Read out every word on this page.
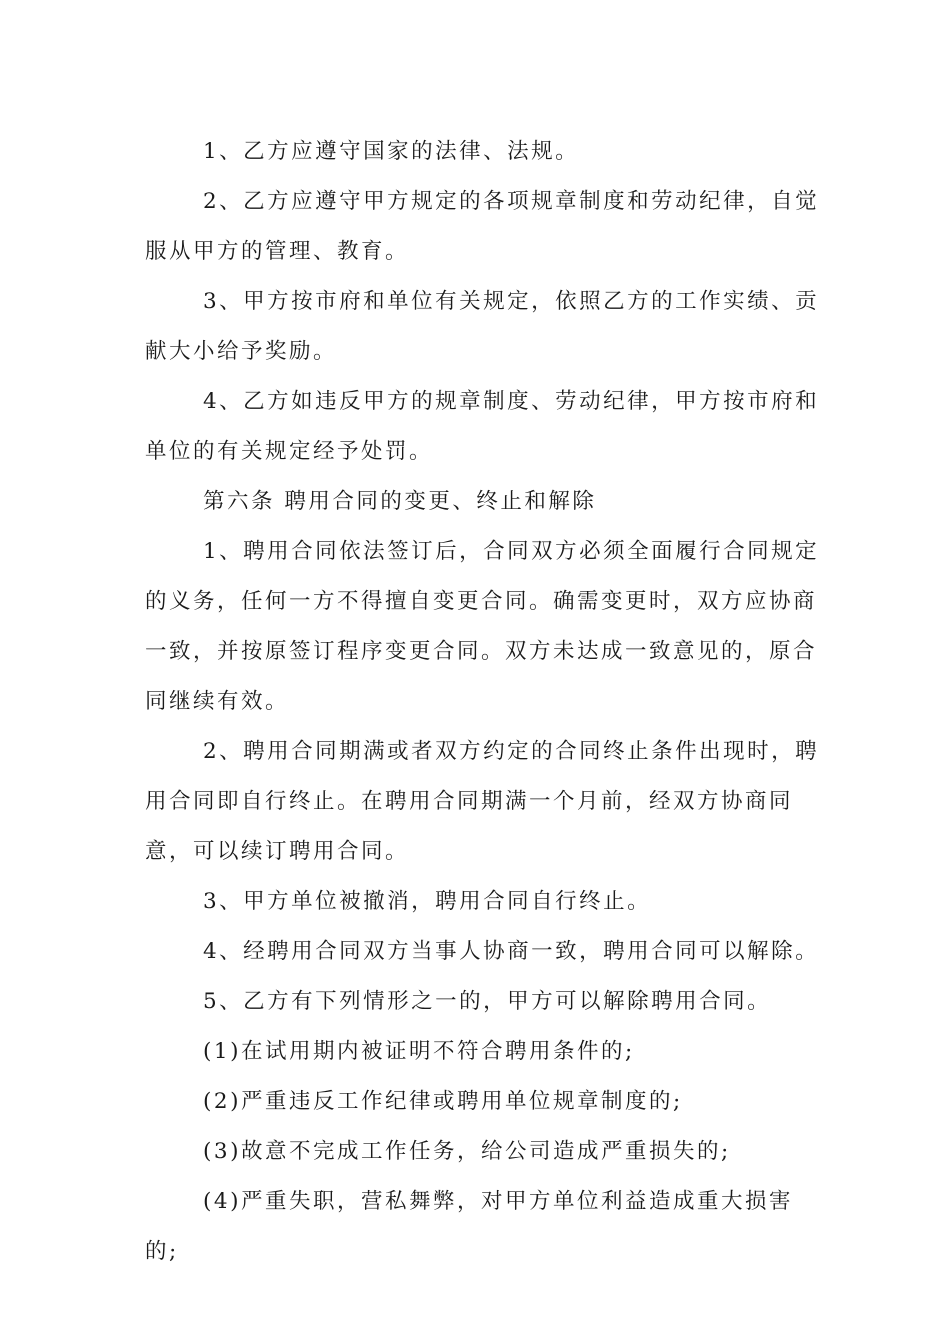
1、乙方应遵守国家的法律、法规。

2、乙方应遵守甲方规定的各项规章制度和劳动纪律，自觉服从甲方的管理、教育。

3、甲方按市府和单位有关规定，依照乙方的工作实绩、贡献大小给予奖励。

4、乙方如违反甲方的规章制度、劳动纪律，甲方按市府和单位的有关规定经予处罚。

第六条 聘用合同的变更、终止和解除

1、聘用合同依法签订后，合同双方必须全面履行合同规定的义务，任何一方不得擅自变更合同。确需变更时，双方应协商一致，并按原签订程序变更合同。双方未达成一致意见的，原合同继续有效。

2、聘用合同期满或者双方约定的合同终止条件出现时，聘用合同即自行终止。在聘用合同期满一个月前，经双方协商同意，可以续订聘用合同。

3、甲方单位被撤消，聘用合同自行终止。

4、经聘用合同双方当事人协商一致，聘用合同可以解除。

5、乙方有下列情形之一的，甲方可以解除聘用合同。

(1)在试用期内被证明不符合聘用条件的;

(2)严重违反工作纪律或聘用单位规章制度的;

(3)故意不完成工作任务，给公司造成严重损失的;

(4)严重失职，营私舞弊，对甲方单位利益造成重大损害的;
